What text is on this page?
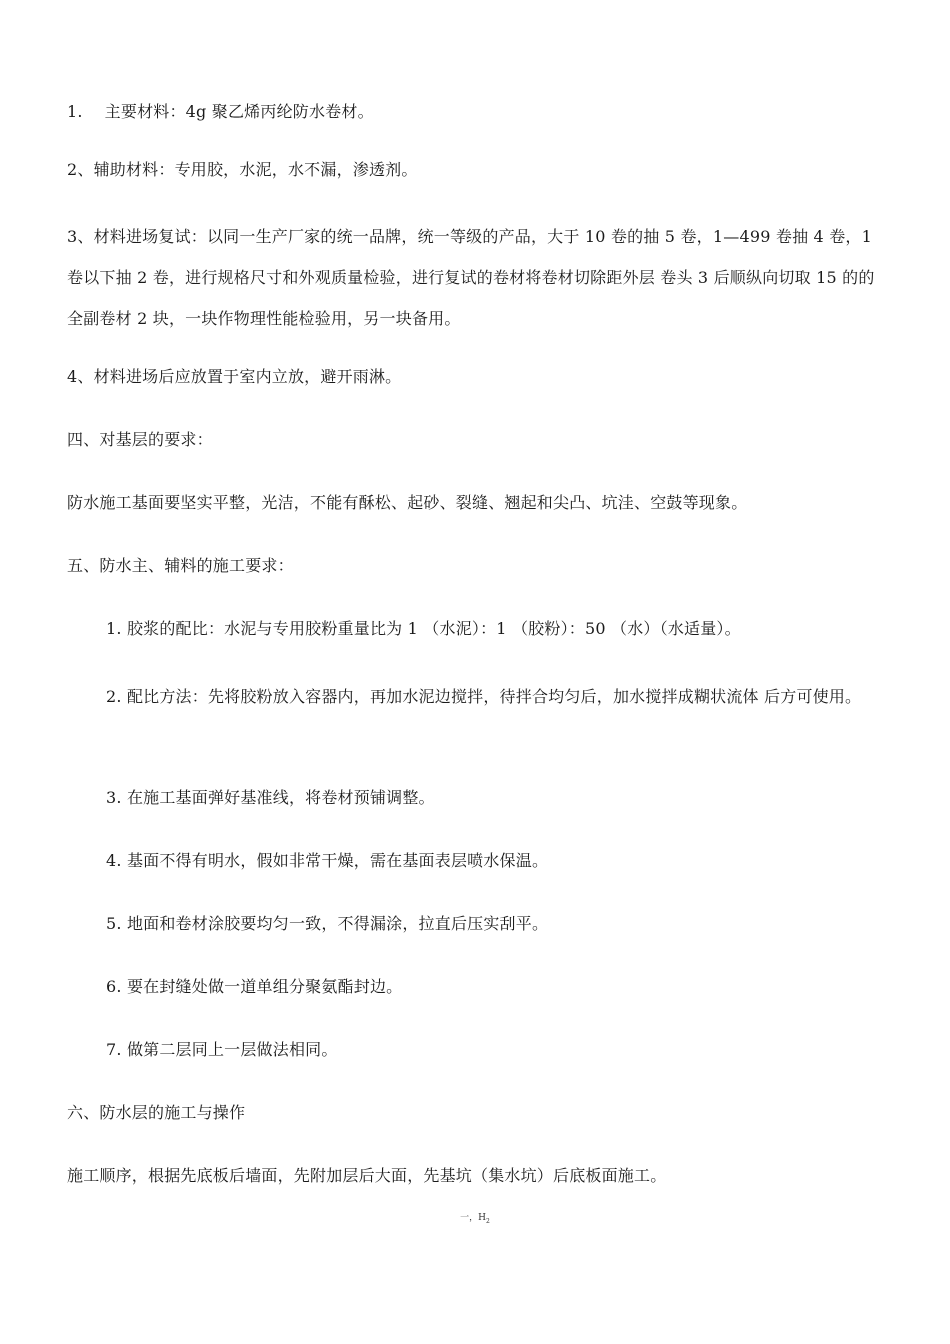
1. 主要材料：4g 聚乙烯丙纶防水卷材。
2、辅助材料：专用胶，水泥，水不漏，渗透剂。
3、材料进场复试：以同一生产厂家的统一品牌，统一等级的产品，大于 10 卷的抽 5 卷，1—499 卷抽 4 卷，1 卷以下抽 2 卷，进行规格尺寸和外观质量检验，进行复试的卷材将卷材切除距外层 卷头 3 后顺纵向切取 15 的的全副卷材 2 块，一块作物理性能检验用，另一块备用。
4、材料进场后应放置于室内立放，避开雨淋。
四、对基层的要求：
防水施工基面要坚实平整，光洁，不能有酥松、起砂、裂缝、翘起和尖凸、坑洼、空鼓等现象。
五、防水主、辅料的施工要求：
1. 胶浆的配比：水泥与专用胶粉重量比为 1 （水泥）：1 （胶粉）：50 （水）（水适量）。
2. 配比方法：先将胶粉放入容器内，再加水泥边搅拌，待拌合均匀后，加水搅拌成糊状流体 后方可使用。
3. 在施工基面弹好基准线，将卷材预铺调整。
4. 基面不得有明水，假如非常干燥，需在基面表层喷水保温。
5. 地面和卷材涂胶要均匀一致，不得漏涂，拉直后压实刮平。
6. 要在封缝处做一道单组分聚氨酯封边。
7. 做第二层同上一层做法相同。
六、防水层的施工与操作
施工顺序，根据先底板后墙面，先附加层后大面，先基坑（集水坑）后底板面施工。
一，$H_2$
